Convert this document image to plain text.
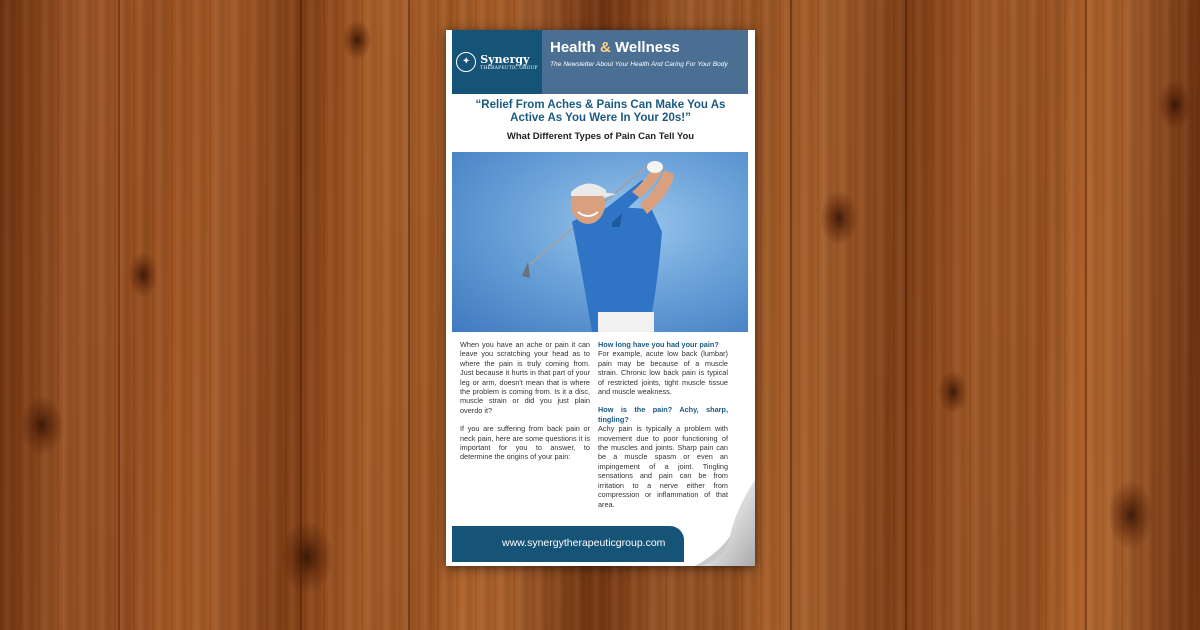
✦ Synergy
THERAPEUTIC GROUP
Health & Wellness
The Newsletter About Your Health And Caring For Your Body
“Relief From Aches & Pains Can Make You As
Active As You Were In Your 20s!”
What Different Types of Pain Can Tell You

When you have an ache or pain it can leave you scratching your head as to where the pain is truly coming from. Just because it hurts in that part of your leg or arm, doesn't mean that is where the problem is coming from. Is it a disc, muscle strain or did you just plain overdo it?

If you are suffering from back pain or neck pain, here are some questions it is important for you to answer, to determine the origins of your pain:

How long have you had your pain?
For example, acute low back (lumbar) pain may be because of a muscle strain. Chronic low back pain is typical of restricted joints, tight muscle tissue and muscle weakness.

How is the pain? Achy, sharp, tingling?
Achy pain is typically a problem with movement due to poor functioning of the muscles and joints. Sharp pain can be a muscle spasm or even an impingement of a joint. Tingling sensations and pain can be from irritation to a nerve either from compression or inflammation of that area.

www.synergytherapeuticgroup.com
